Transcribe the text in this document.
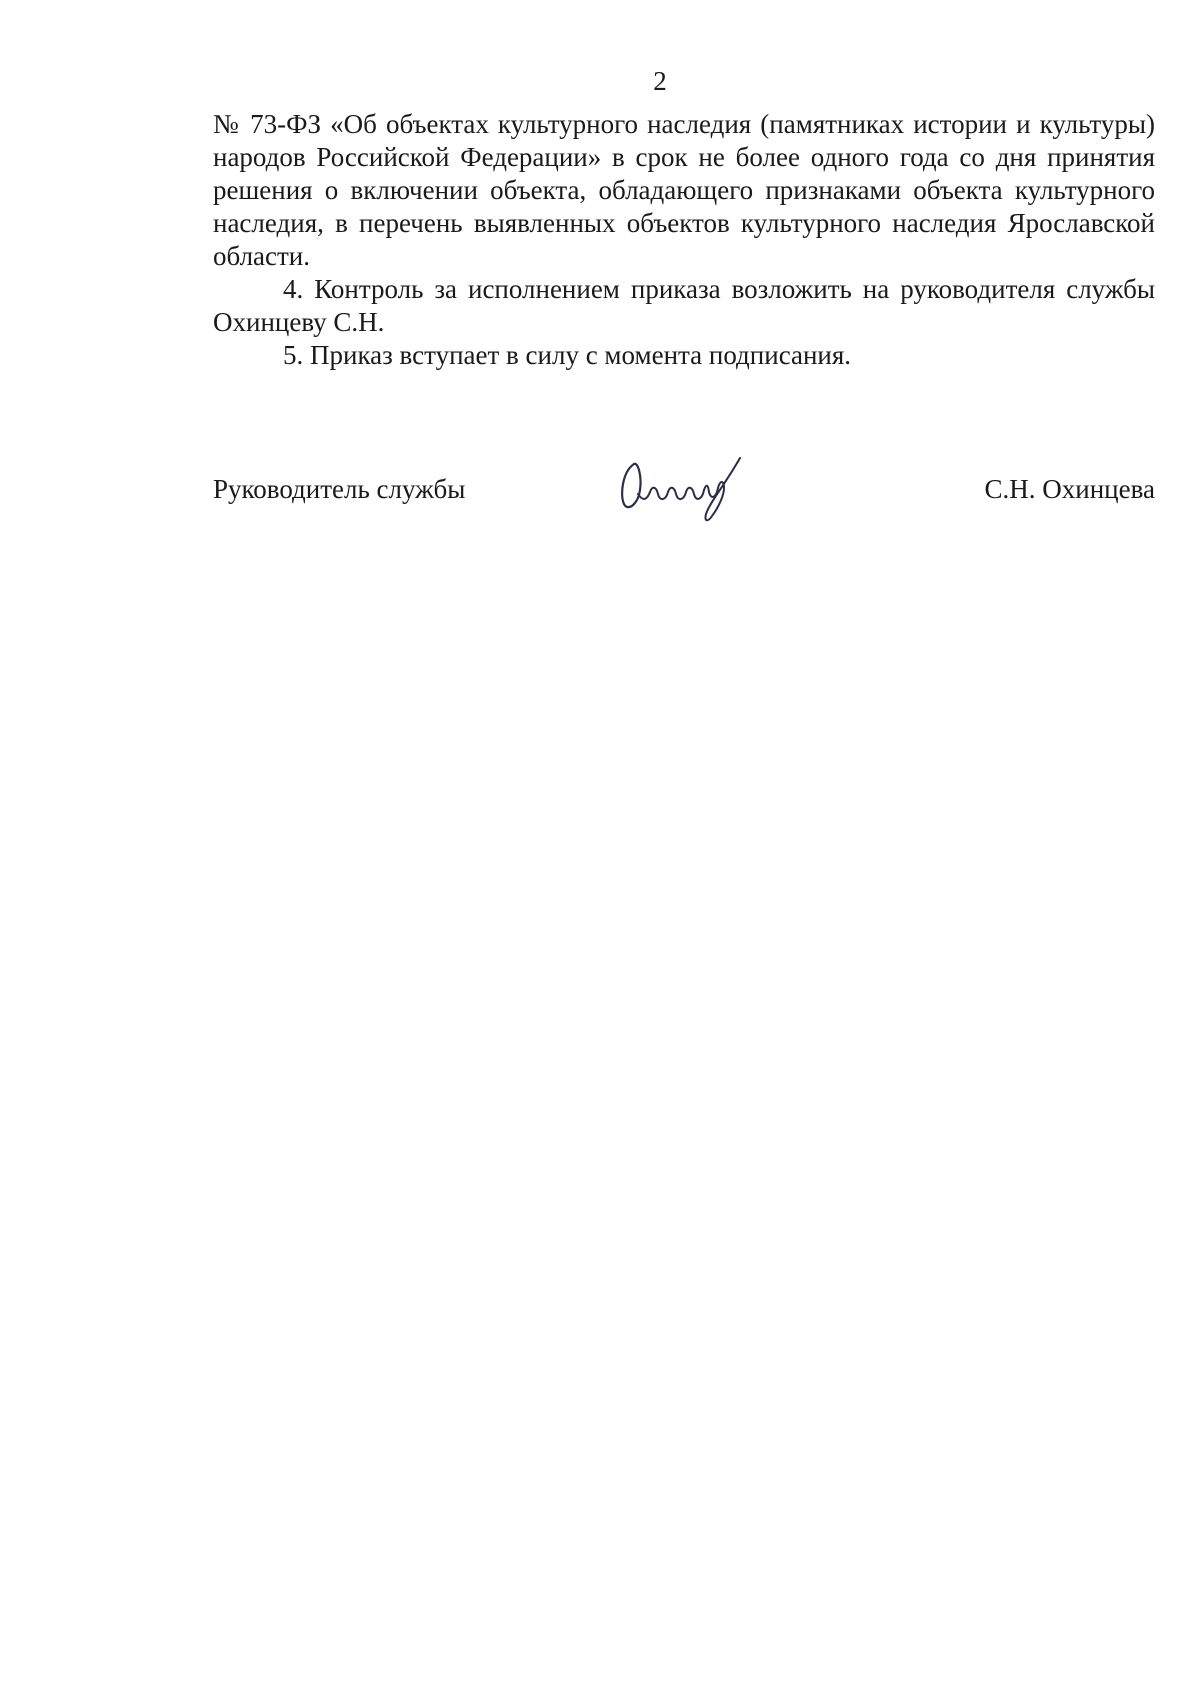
2

№ 73-ФЗ «Об объектах культурного наследия (памятниках истории и культуры) народов Российской Федерации» в срок не более одного года со дня принятия решения о включении объекта, обладающего признаками объекта культурного наследия, в перечень выявленных объектов культурного наследия Ярославской области.

4. Контроль за исполнением приказа возложить на руководителя службы Охинцеву С.Н.

5. Приказ вступает в силу с момента подписания.

Руководитель службы	С.Н. Охинцева
